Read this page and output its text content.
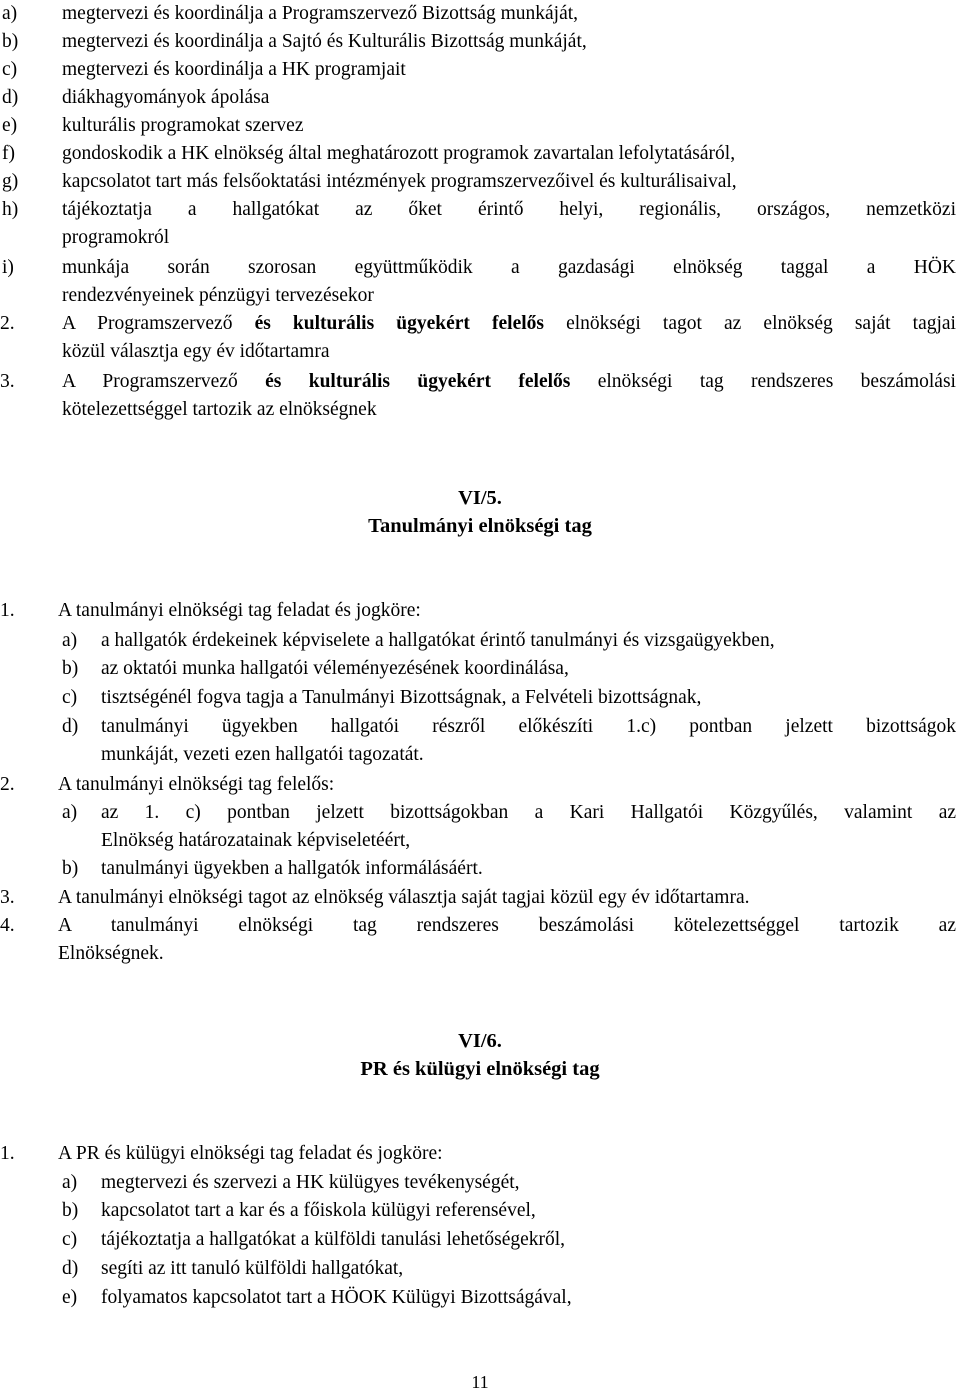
a) megtervezi és koordinálja a Programszervező Bizottság munkáját,
b) megtervezi és koordinálja a Sajtó és Kulturális Bizottság munkáját,
c) megtervezi és koordinálja a HK programjait
d) diákhagyományok ápolása
e) kulturális programokat szervez
f) gondoskodik a HK elnökség által meghatározott programok zavartalan lefolytatásáról,
g) kapcsolatot tart más felsőoktatási intézmények programszervezőivel és kulturálisaival,
h) tájékoztatja a hallgatókat az őket érintő helyi, regionális, országos, nemzetközi
programokról
i) munkája során szorosan együttműködik a gazdasági elnökség taggal a HÖK
rendezvényeinek pénzügyi tervezésekor
2. A Programszervező és kulturális ügyekért felelős elnökségi tagot az elnökség saját tagjai
közül választja egy év időtartamra
3. A Programszervező és kulturális ügyekért felelős elnökségi tag rendszeres beszámolási
kötelezettséggel tartozik az elnökségnek
VI/5.
Tanulmányi elnökségi tag
1. A tanulmányi elnökségi tag feladat és jogköre:
a) a hallgatók érdekeinek képviselete a hallgatókat érintő tanulmányi és vizsgaügyekben,
b) az oktatói munka hallgatói véleményezésének koordinálása,
c) tisztségénél fogva tagja a Tanulmányi Bizottságnak, a Felvételi bizottságnak,
d) tanulmányi ügyekben hallgatói részről előkészíti 1.c) pontban jelzett bizottságok
munkáját, vezeti ezen hallgatói tagozatát.
2. A tanulmányi elnökségi tag felelős:
a) az 1. c) pontban jelzett bizottságokban a Kari Hallgatói Közgyűlés, valamint az
Elnökség határozatainak képviseletéért,
b) tanulmányi ügyekben a hallgatók informálásáért.
3. A tanulmányi elnökségi tagot az elnökség választja saját tagjai közül egy év időtartamra.
4. A tanulmányi elnökségi tag rendszeres beszámolási kötelezettséggel tartozik az
Elnökségnek.
VI/6.
PR és külügyi elnökségi tag
1. A PR és külügyi elnökségi tag feladat és jogköre:
a) megtervezi és szervezi a HK külügyes tevékenységét,
b) kapcsolatot tart a kar és a főiskola külügyi referensével,
c) tájékoztatja a hallgatókat a külföldi tanulási lehetőségekről,
d) segíti az itt tanuló külföldi hallgatókat,
e) folyamatos kapcsolatot tart a HÖOK Külügyi Bizottságával,
11
